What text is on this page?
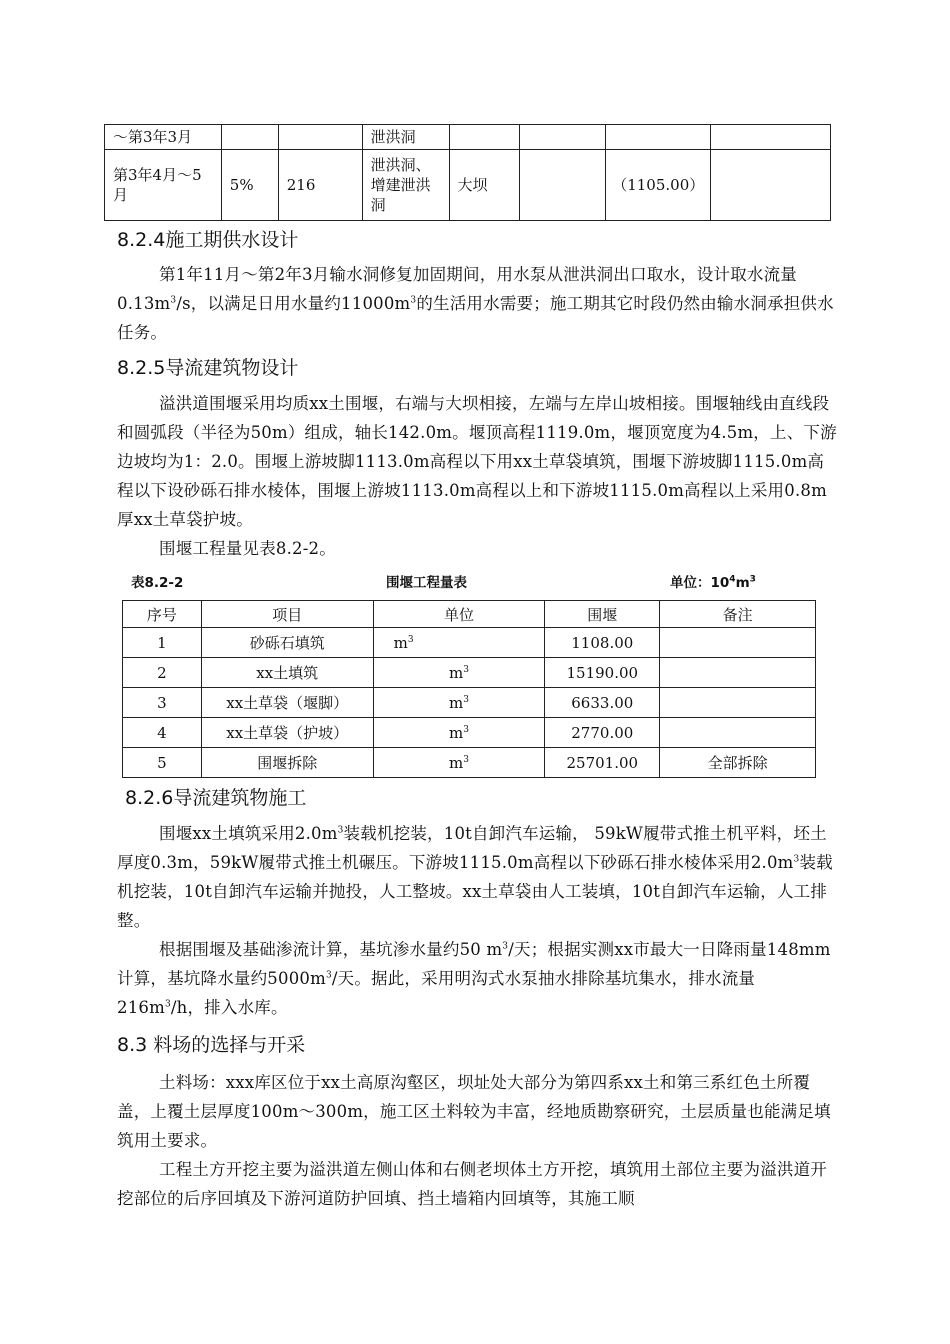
～第3年3月			泄洪洞				
第3年4月～5月	5%	216	泄洪洞、增建泄洪洞	大坝		（1105.00）	
8.2.4施工期供水设计

第1年11月～第2年3月输水洞修复加固期间，用水泵从泄洪洞出口取水，设计取水流量$0.13m^3/s$，以满足日用水量约$11000m^3$的生活用水需要；施工期其它时段仍然由输水洞承担供水任务。

8.2.5导流建筑物设计

溢洪道围堰采用均质xx土围堰，右端与大坝相接，左端与左岸山坡相接。围堰轴线由直线段和圆弧段（半径为50m）组成，轴长142.0m。堰顶高程1119.0m，堰顶宽度为4.5m，上、下游边坡均为1：2.0。围堰上游坡脚1113.0m高程以下用xx土草袋填筑，围堰下游坡脚1115.0m高程以下设砂砾石排水棱体，围堰上游坡1113.0m高程以上和下游坡1115.0m高程以上采用0.8m厚xx土草袋护坡。

围堰工程量见表8.2-2。

表8.2-2	围堰工程量表	单位：$10^4m^3$
序号	项目	单位	围堰	备注
1	砂砾石填筑	$m^3$	1108.00	
2	xx土填筑	$m^3$	15190.00	
3	xx土草袋（堰脚）	$m^3$	6633.00	
4	xx土草袋（护坡）	$m^3$	2770.00	
5	围堰拆除	$m^3$	25701.00	全部拆除
8.2.6导流建筑物施工

围堰xx土填筑采用$2.0m^3$装载机挖装，10t自卸汽车运输， 59kW履带式推土机平料，坯土厚度0.3m，59kW履带式推土机碾压。下游坡1115.0m高程以下砂砾石排水棱体采用$2.0m^3$装载机挖装，10t自卸汽车运输并抛投，人工整坡。xx土草袋由人工装填，10t自卸汽车运输，人工排整。

根据围堰及基础渗流计算，基坑渗水量约50 $m^3/$天；根据实测xx市最大一日降雨量148mm计算，基坑降水量约$5000m^3/$天。据此，采用明沟式水泵抽水排除基坑集水，排水流量$216m^3/h$，排入水库。

8.3 料场的选择与开采

土料场：xxx库区位于xx土高原沟壑区，坝址处大部分为第四系xx土和第三系红色土所覆盖，上覆土层厚度100m～300m，施工区土料较为丰富，经地质勘察研究，土层质量也能满足填筑用土要求。

工程土方开挖主要为溢洪道左侧山体和右侧老坝体土方开挖，填筑用土部位主要为溢洪道开挖部位的后序回填及下游河道防护回填、挡土墙箱内回填等，其施工顺
